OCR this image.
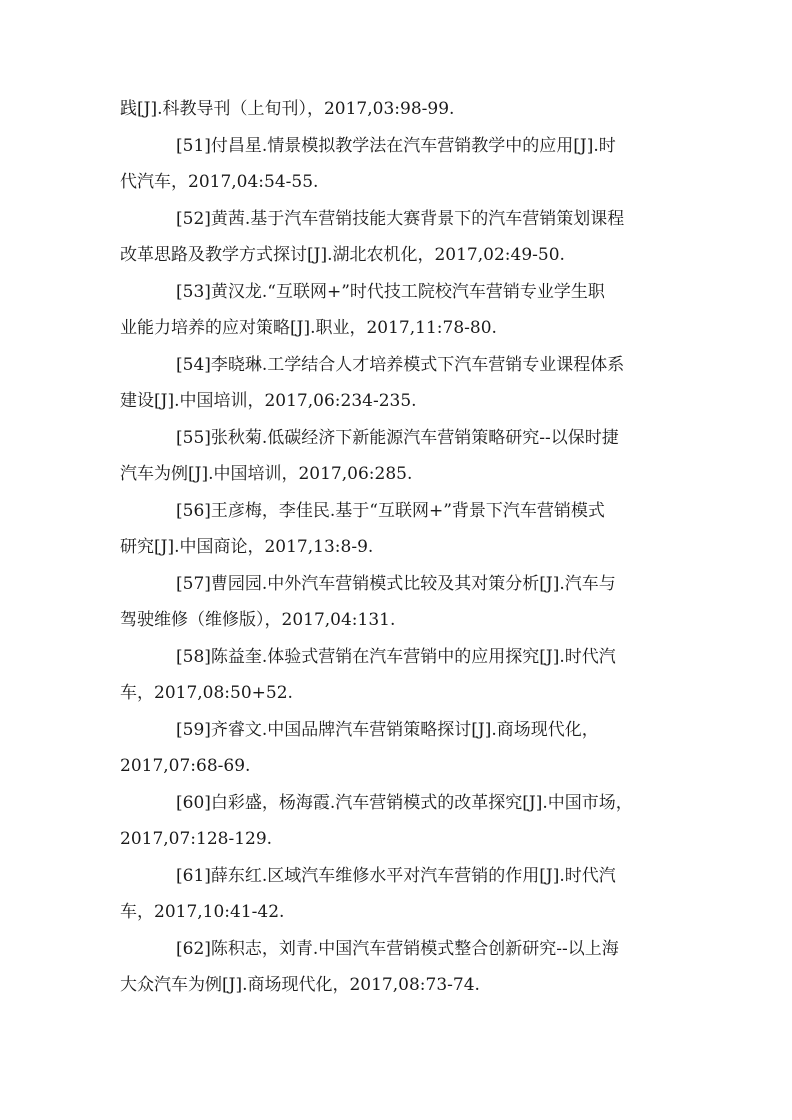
践[J].科教导刊（上旬刊），2017,03:98-99.
[51]付昌星.情景模拟教学法在汽车营销教学中的应用[J].时
代汽车，2017,04:54-55.
[52]黄茜.基于汽车营销技能大赛背景下的汽车营销策划课程
改革思路及教学方式探讨[J].湖北农机化，2017,02:49-50.
[53]黄汉龙.“互联网+”时代技工院校汽车营销专业学生职
业能力培养的应对策略[J].职业，2017,11:78-80.
[54]李晓琳.工学结合人才培养模式下汽车营销专业课程体系
建设[J].中国培训，2017,06:234-235.
[55]张秋菊.低碳经济下新能源汽车营销策略研究--以保时捷
汽车为例[J].中国培训，2017,06:285.
[56]王彦梅，李佳民.基于“互联网+”背景下汽车营销模式
研究[J].中国商论，2017,13:8-9.
[57]曹园园.中外汽车营销模式比较及其对策分析[J].汽车与
驾驶维修（维修版），2017,04:131.
[58]陈益奎.体验式营销在汽车营销中的应用探究[J].时代汽
车，2017,08:50+52.
[59]齐睿文.中国品牌汽车营销策略探讨[J].商场现代化，
2017,07:68-69.
[60]白彩盛，杨海霞.汽车营销模式的改革探究[J].中国市场，
2017,07:128-129.
[61]薛东红.区域汽车维修水平对汽车营销的作用[J].时代汽
车，2017,10:41-42.
[62]陈积志，刘青.中国汽车营销模式整合创新研究--以上海
大众汽车为例[J].商场现代化，2017,08:73-74.
